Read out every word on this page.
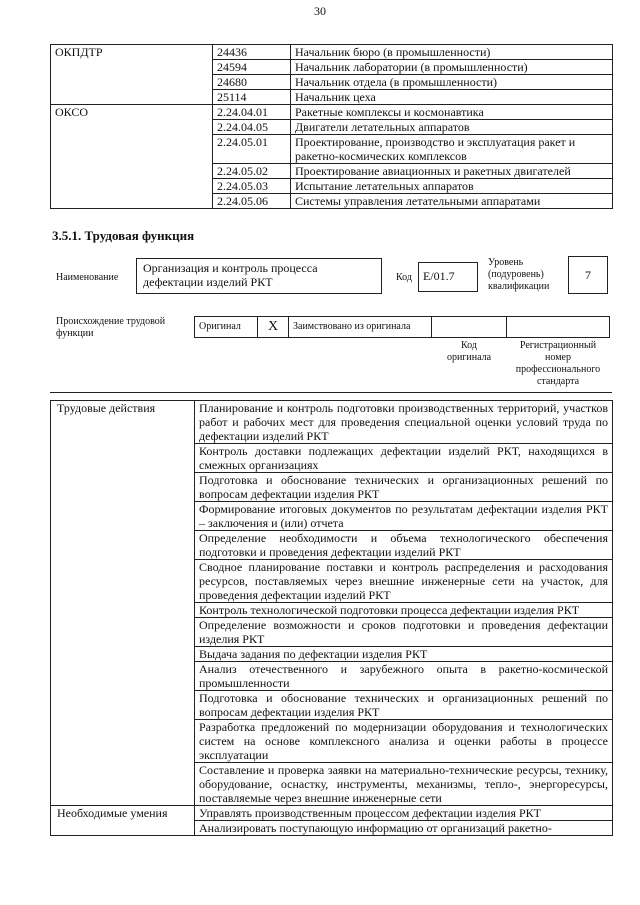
30
ОКПДТР	24436	Начальник бюро (в промышленности)
	24594	Начальник лаборатории (в промышленности)
	24680	Начальник отдела (в промышленности)
	25114	Начальник цеха
ОКСО	2.24.04.01	Ракетные комплексы и космонавтика
	2.24.04.05	Двигатели летательных аппаратов
	2.24.05.01	Проектирование, производство и эксплуатация ракет и ракетно-космических комплексов
	2.24.05.02	Проектирование авиационных и ракетных двигателей
	2.24.05.03	Испытание летательных аппаратов
	2.24.05.06	Системы управления летательными аппаратами
3.5.1. Трудовая функция
Наименование
Организация и контроль процесса дефектации изделий РКТ	Код E/01.7
Уровень (подуровень) квалификации
7
Происхождение трудовой функции
Оригинал	X	Заимствовано из оригинала		
Код оригинала
Регистрационный номер профессионального стандарта
Трудовые действия	Планирование и контроль подготовки производственных территорий, участков работ и рабочих мест для проведения специальной оценки условий труда по дефектации изделий РКТ
	Контроль доставки подлежащих дефектации изделий РКТ, находящихся в смежных организациях
	Подготовка и обоснование технических и организационных решений по вопросам дефектации изделия РКТ
	Формирование итоговых документов по результатам дефектации изделия РКТ – заключения и (или) отчета
	Определение необходимости и объема технологического обеспечения подготовки и проведения дефектации изделий РКТ
	Сводное планирование поставки и контроль распределения и расходования ресурсов, поставляемых через внешние инженерные сети на участок, для проведения дефектации изделий РКТ
	Контроль технологической подготовки процесса дефектации изделия РКТ
	Определение возможности и сроков подготовки и проведения дефектации изделия РКТ
	Выдача задания по дефектации изделия РКТ
	Анализ отечественного и зарубежного опыта в ракетно-космической промышленности
	Подготовка и обоснование технических и организационных решений по вопросам дефектации изделия РКТ
	Разработка предложений по модернизации оборудования и технологических систем на основе комплексного анализа и оценки работы в процессе эксплуатации
	Составление и проверка заявки на материально-технические ресурсы, технику, оборудование, оснастку, инструменты, механизмы, тепло-, энергоресурсы, поставляемые через внешние инженерные сети
Необходимые умения	Управлять производственным процессом дефектации изделия РКТ
	Анализировать поступающую информацию от организаций ракетно-
